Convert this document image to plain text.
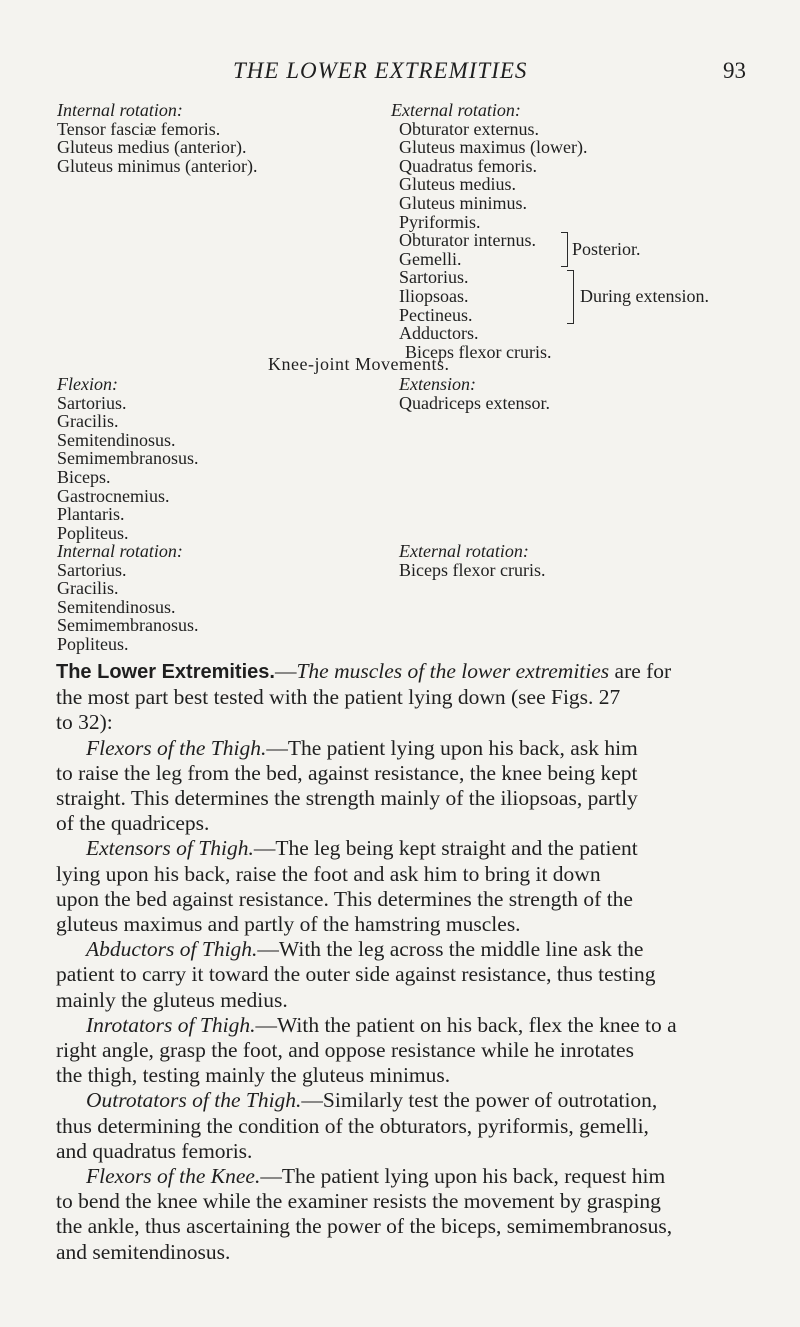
THE LOWER EXTREMITIES	93
Internal rotation:
Tensor fasciæ femoris.
Gluteus medius (anterior).
Gluteus minimus (anterior).
External rotation:
Obturator externus.
Gluteus maximus (lower).
Quadratus femoris.
Gluteus medius.
Gluteus minimus.
Pyriformis.
Obturator internus.
Gemelli.
Sartorius.
Iliopsoas.
Pectineus.
Adductors.
Biceps flexor cruris.
Posterior.
During extension.
Knee-joint Movements.
Flexion:
Sartorius.
Gracilis.
Semitendinosus.
Semimembranosus.
Biceps.
Gastrocnemius.
Plantaris.
Popliteus.
Extension:
Quadriceps extensor.
Internal rotation:
Sartorius.
Gracilis.
Semitendinosus.
Semimembranosus.
Popliteus.
External rotation:
Biceps flexor cruris.
The Lower Extremities.—The muscles of the lower extremities are for
the most part best tested with the patient lying down (see Figs. 27
to 32):
Flexors of the Thigh.—The patient lying upon his back, ask him
to raise the leg from the bed, against resistance, the knee being kept
straight. This determines the strength mainly of the iliopsoas, partly
of the quadriceps.
Extensors of Thigh.—The leg being kept straight and the patient
lying upon his back, raise the foot and ask him to bring it down
upon the bed against resistance. This determines the strength of the
gluteus maximus and partly of the hamstring muscles.
Abductors of Thigh.—With the leg across the middle line ask the
patient to carry it toward the outer side against resistance, thus testing
mainly the gluteus medius.
Inrotators of Thigh.—With the patient on his back, flex the knee to a
right angle, grasp the foot, and oppose resistance while he inrotates
the thigh, testing mainly the gluteus minimus.
Outrotators of the Thigh.—Similarly test the power of outrotation,
thus determining the condition of the obturators, pyriformis, gemelli,
and quadratus femoris.
Flexors of the Knee.—The patient lying upon his back, request him
to bend the knee while the examiner resists the movement by grasping
the ankle, thus ascertaining the power of the biceps, semimembranosus,
and semitendinosus.
